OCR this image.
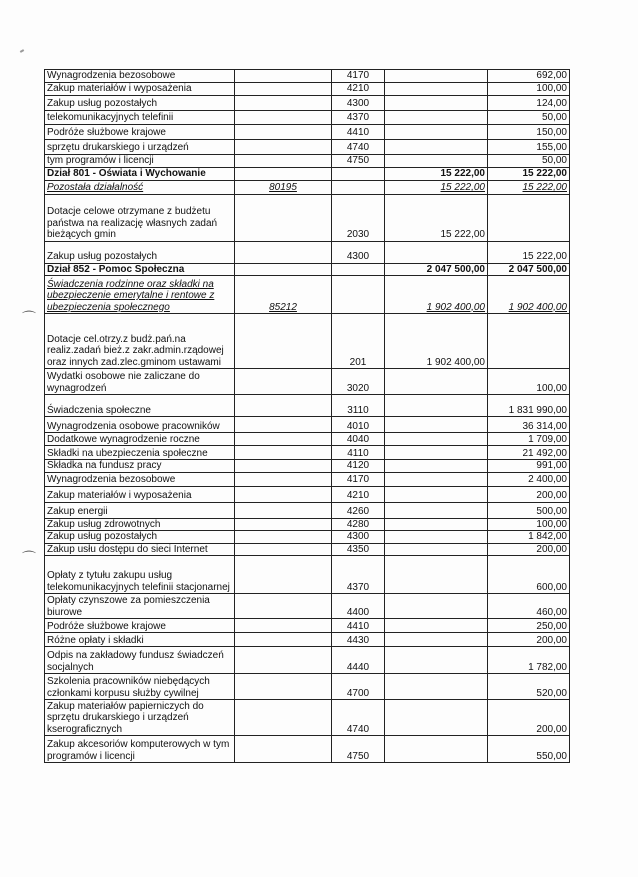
⌒
⌒
Wynagrodzenia bezosobowe		4170		692,00
Zakup materiałów i wyposażenia		4210		100,00
Zakup usług pozostałych		4300		124,00
telekomunikacyjnych telefinii		4370		50,00
Podróże służbowe krajowe		4410		150,00
sprzętu drukarskiego i urządzeń		4740		155,00
tym programów i licencji		4750		50,00
Dział 801 - Oświata i Wychowanie			15 222,00	15 222,00
Pozostała działalność	80195		15 222,00	15 222,00
Dotacje celowe otrzymane z budżetu państwa na realizację własnych zadań bieżących gmin		2030	15 222,00	
Zakup usług pozostałych		4300		15 222,00
Dział 852 - Pomoc Społeczna			2 047 500,00	2 047 500,00
Świadczenia rodzinne oraz składki na ubezpieczenie emerytalne i rentowe z ubezpieczenia społecznego	85212		1 902 400,00	1 902 400,00
Dotacje cel.otrzy.z budż.pań.na realiz.zadań bież.z zakr.admin.rządowej oraz innych zad.zlec.gminom ustawami		201	1 902 400,00	
Wydatki osobowe nie zaliczane do wynagrodzeń		3020		100,00
Świadczenia społeczne		3110		1 831 990,00
Wynagrodzenia osobowe pracowników		4010		36 314,00
Dodatkowe wynagrodzenie roczne		4040		1 709,00
Składki na ubezpieczenia społeczne		4110		21 492,00
Składka na fundusz pracy		4120		991,00
Wynagrodzenia bezosobowe		4170		2 400,00
Zakup materiałów i wyposażenia		4210		200,00
Zakup energii		4260		500,00
Zakup usług zdrowotnych		4280		100,00
Zakup usług pozostałych		4300		1 842,00
Zakup usłu dostępu do sieci Internet		4350		200,00
Opłaty z tytułu zakupu usług telekomunikacyjnych telefinii stacjonarnej		4370		600,00
Opłaty czynszowe za pomieszczenia biurowe		4400		460,00
Podróże służbowe krajowe		4410		250,00
Różne opłaty i składki		4430		200,00
Odpis na zakładowy fundusz świadczeń socjalnych		4440		1 782,00
Szkolenia pracowników niebędących członkami korpusu służby cywilnej		4700		520,00
Zakup materiałów papierniczych do sprzętu drukarskiego i urządzeń kserograficznych		4740		200,00
Zakup akcesoriów komputerowych w tym programów i licencji		4750		550,00
